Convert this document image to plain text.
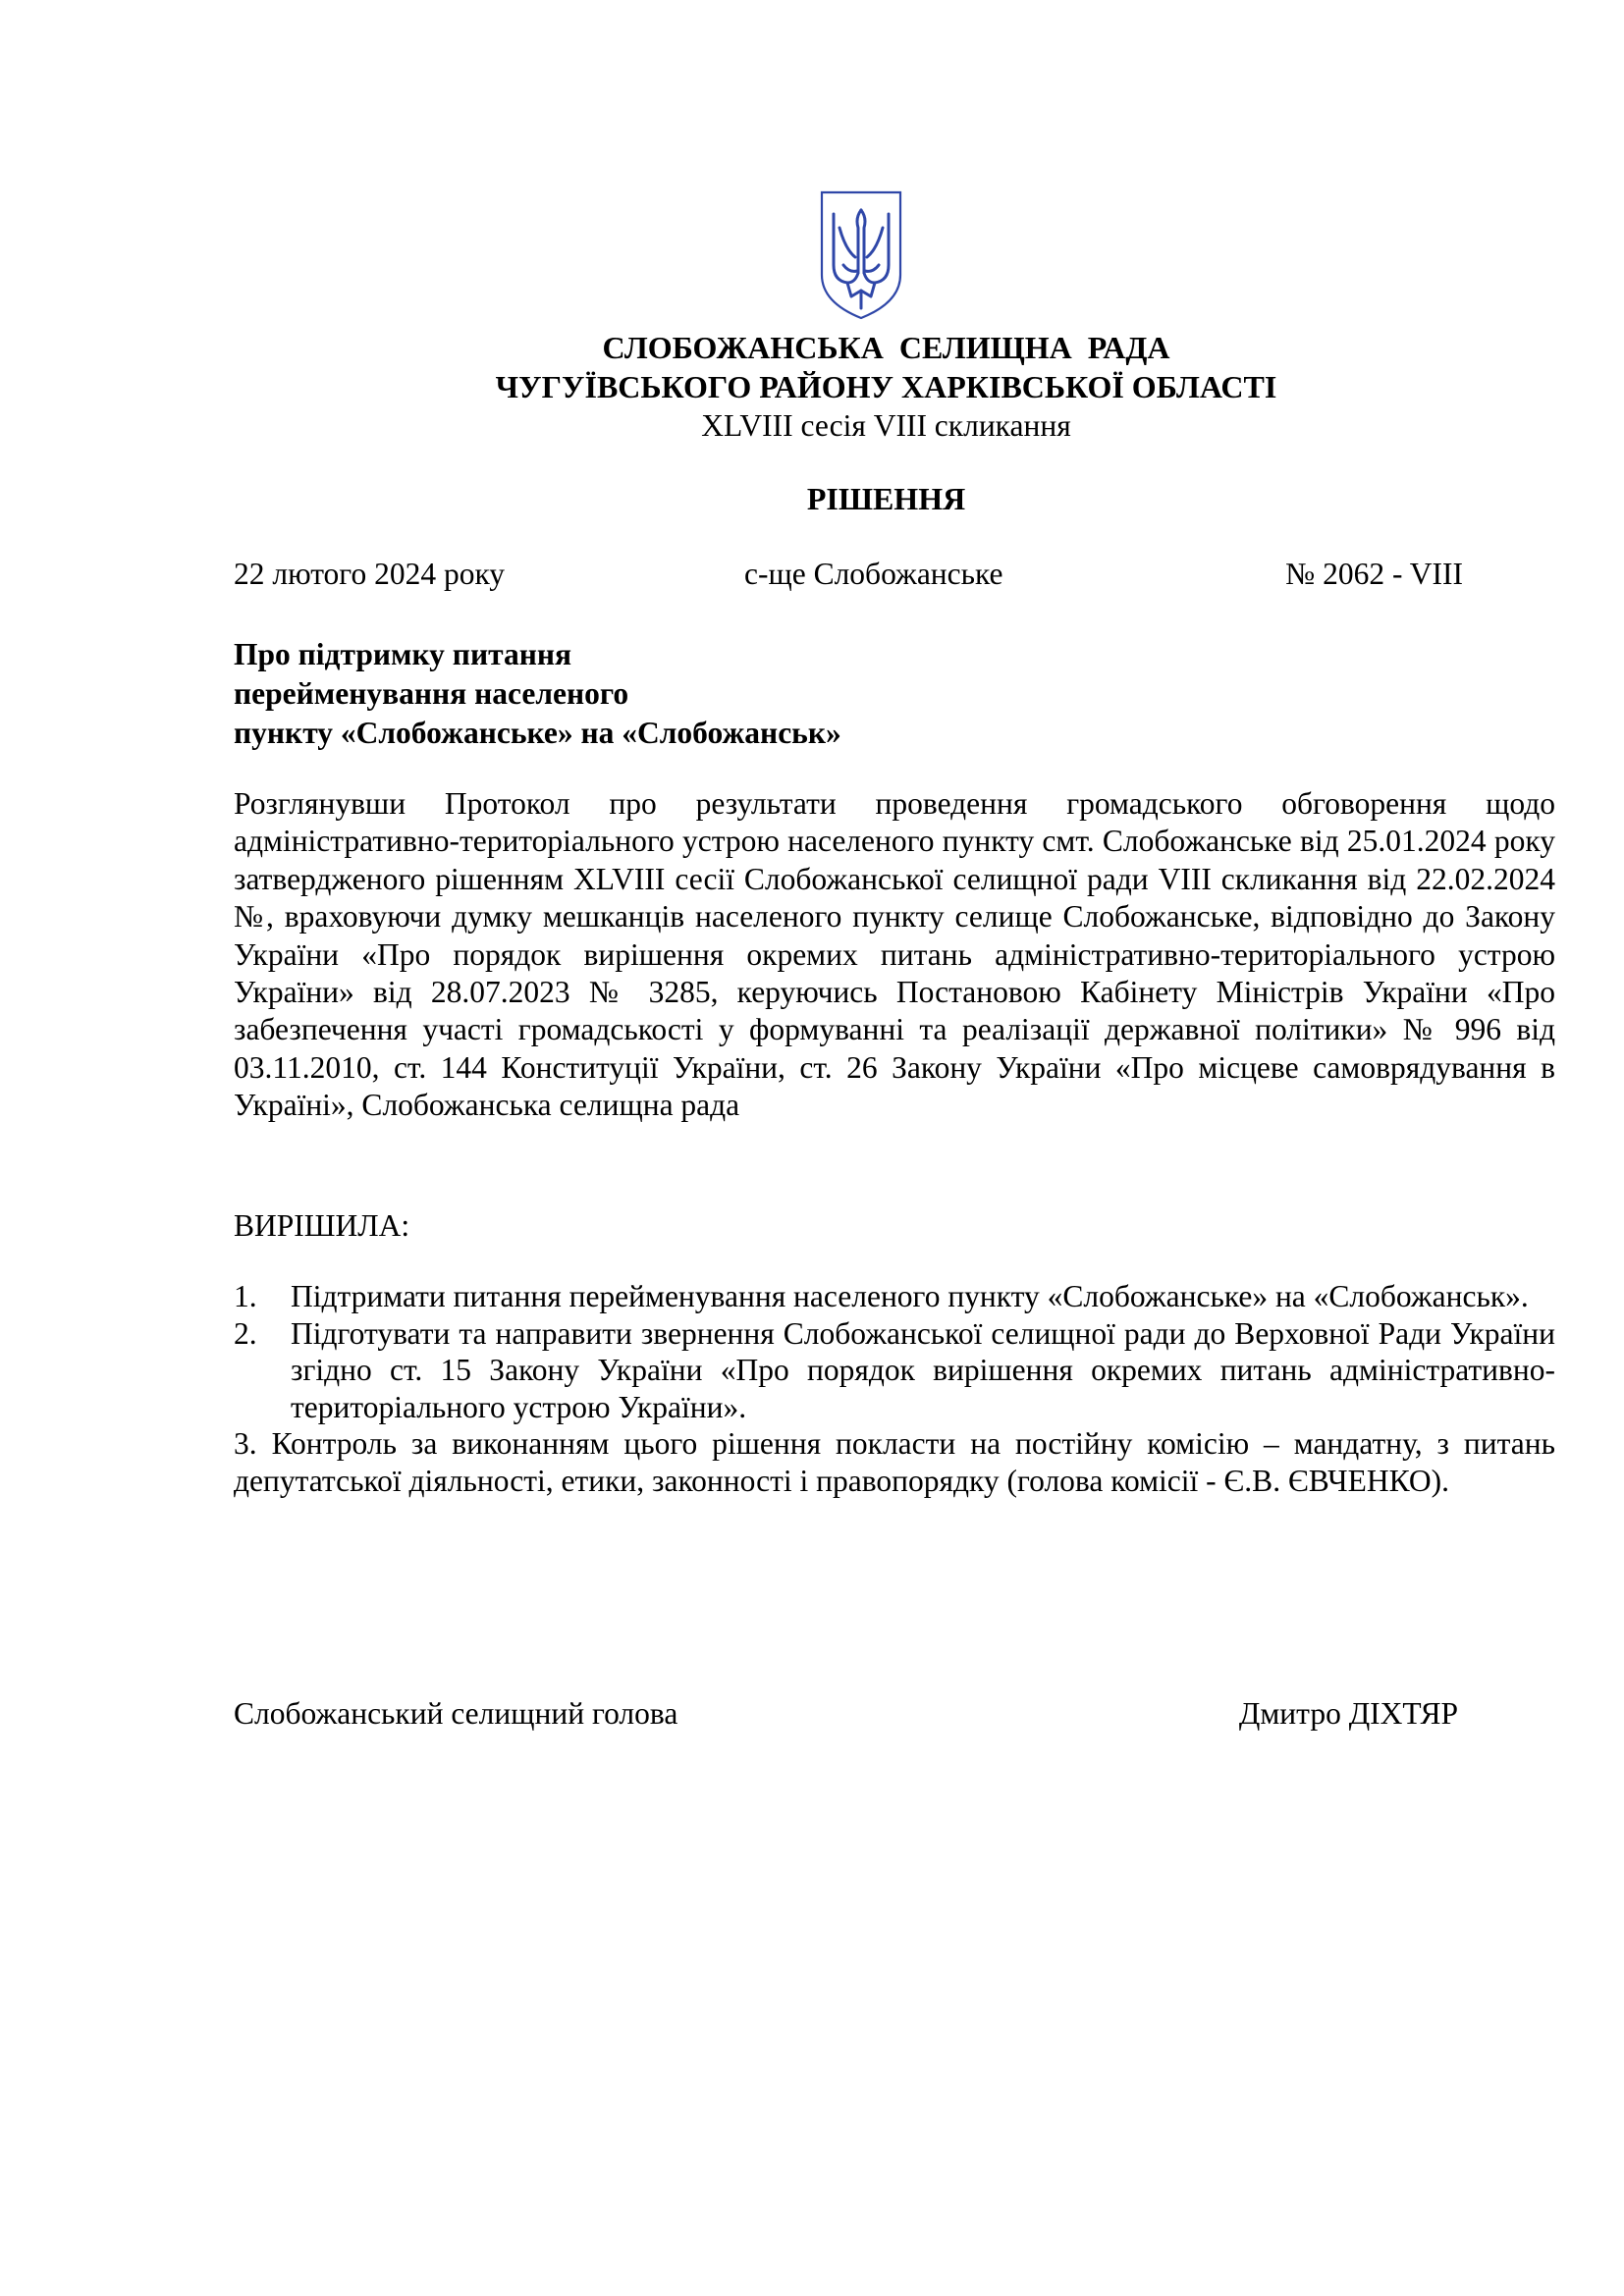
СЛОБОЖАНСЬКА СЕЛИЩНА РАДА
ЧУГУЇВСЬКОГО РАЙОНУ ХАРКІВСЬКОЇ ОБЛАСТІ
XLVIII сесія VIII скликання
РІШЕННЯ
22 лютого 2024 року	с-ще Слобожанське	№ 2062 - VIII
Про підтримку питання
перейменування населеного
пункту «Слобожанське» на «Слобожанськ»
Розглянувши Протокол про результати проведення громадського обговорення щодо адміністративно-територіального устрою населеного пункту смт. Слобожанське від 25.01.2024 року затвердженого рішенням XLVIII сесії Слобожанської селищної ради VIII скликання від 22.02.2024 №, враховуючи думку мешканців населеного пункту селище Слобожанське, відповідно до Закону України «Про порядок вирішення окремих питань адміністративно-територіального устрою України» від 28.07.2023 № 3285, керуючись Постановою Кабінету Міністрів України «Про забезпечення участі громадськості у формуванні та реалізації державної політики» № 996 від 03.11.2010, ст. 144 Конституції України, ст. 26 Закону України «Про місцеве самоврядування в Україні», Слобожанська селищна рада
ВИРІШИЛА:
1. Підтримати питання перейменування населеного пункту «Слобожанське» на «Слобожанськ».
2. Підготувати та направити звернення Слобожанської селищної ради до Верховної Ради України згідно ст. 15 Закону України «Про порядок вирішення окремих питань адміністративно-територіального устрою України».
3. Контроль за виконанням цього рішення покласти на постійну комісію – мандатну, з питань депутатської діяльності, етики, законності і правопорядку (голова комісії - Є.В. ЄВЧЕНКО).
Слобожанський селищний голова	Дмитро ДІХТЯР
